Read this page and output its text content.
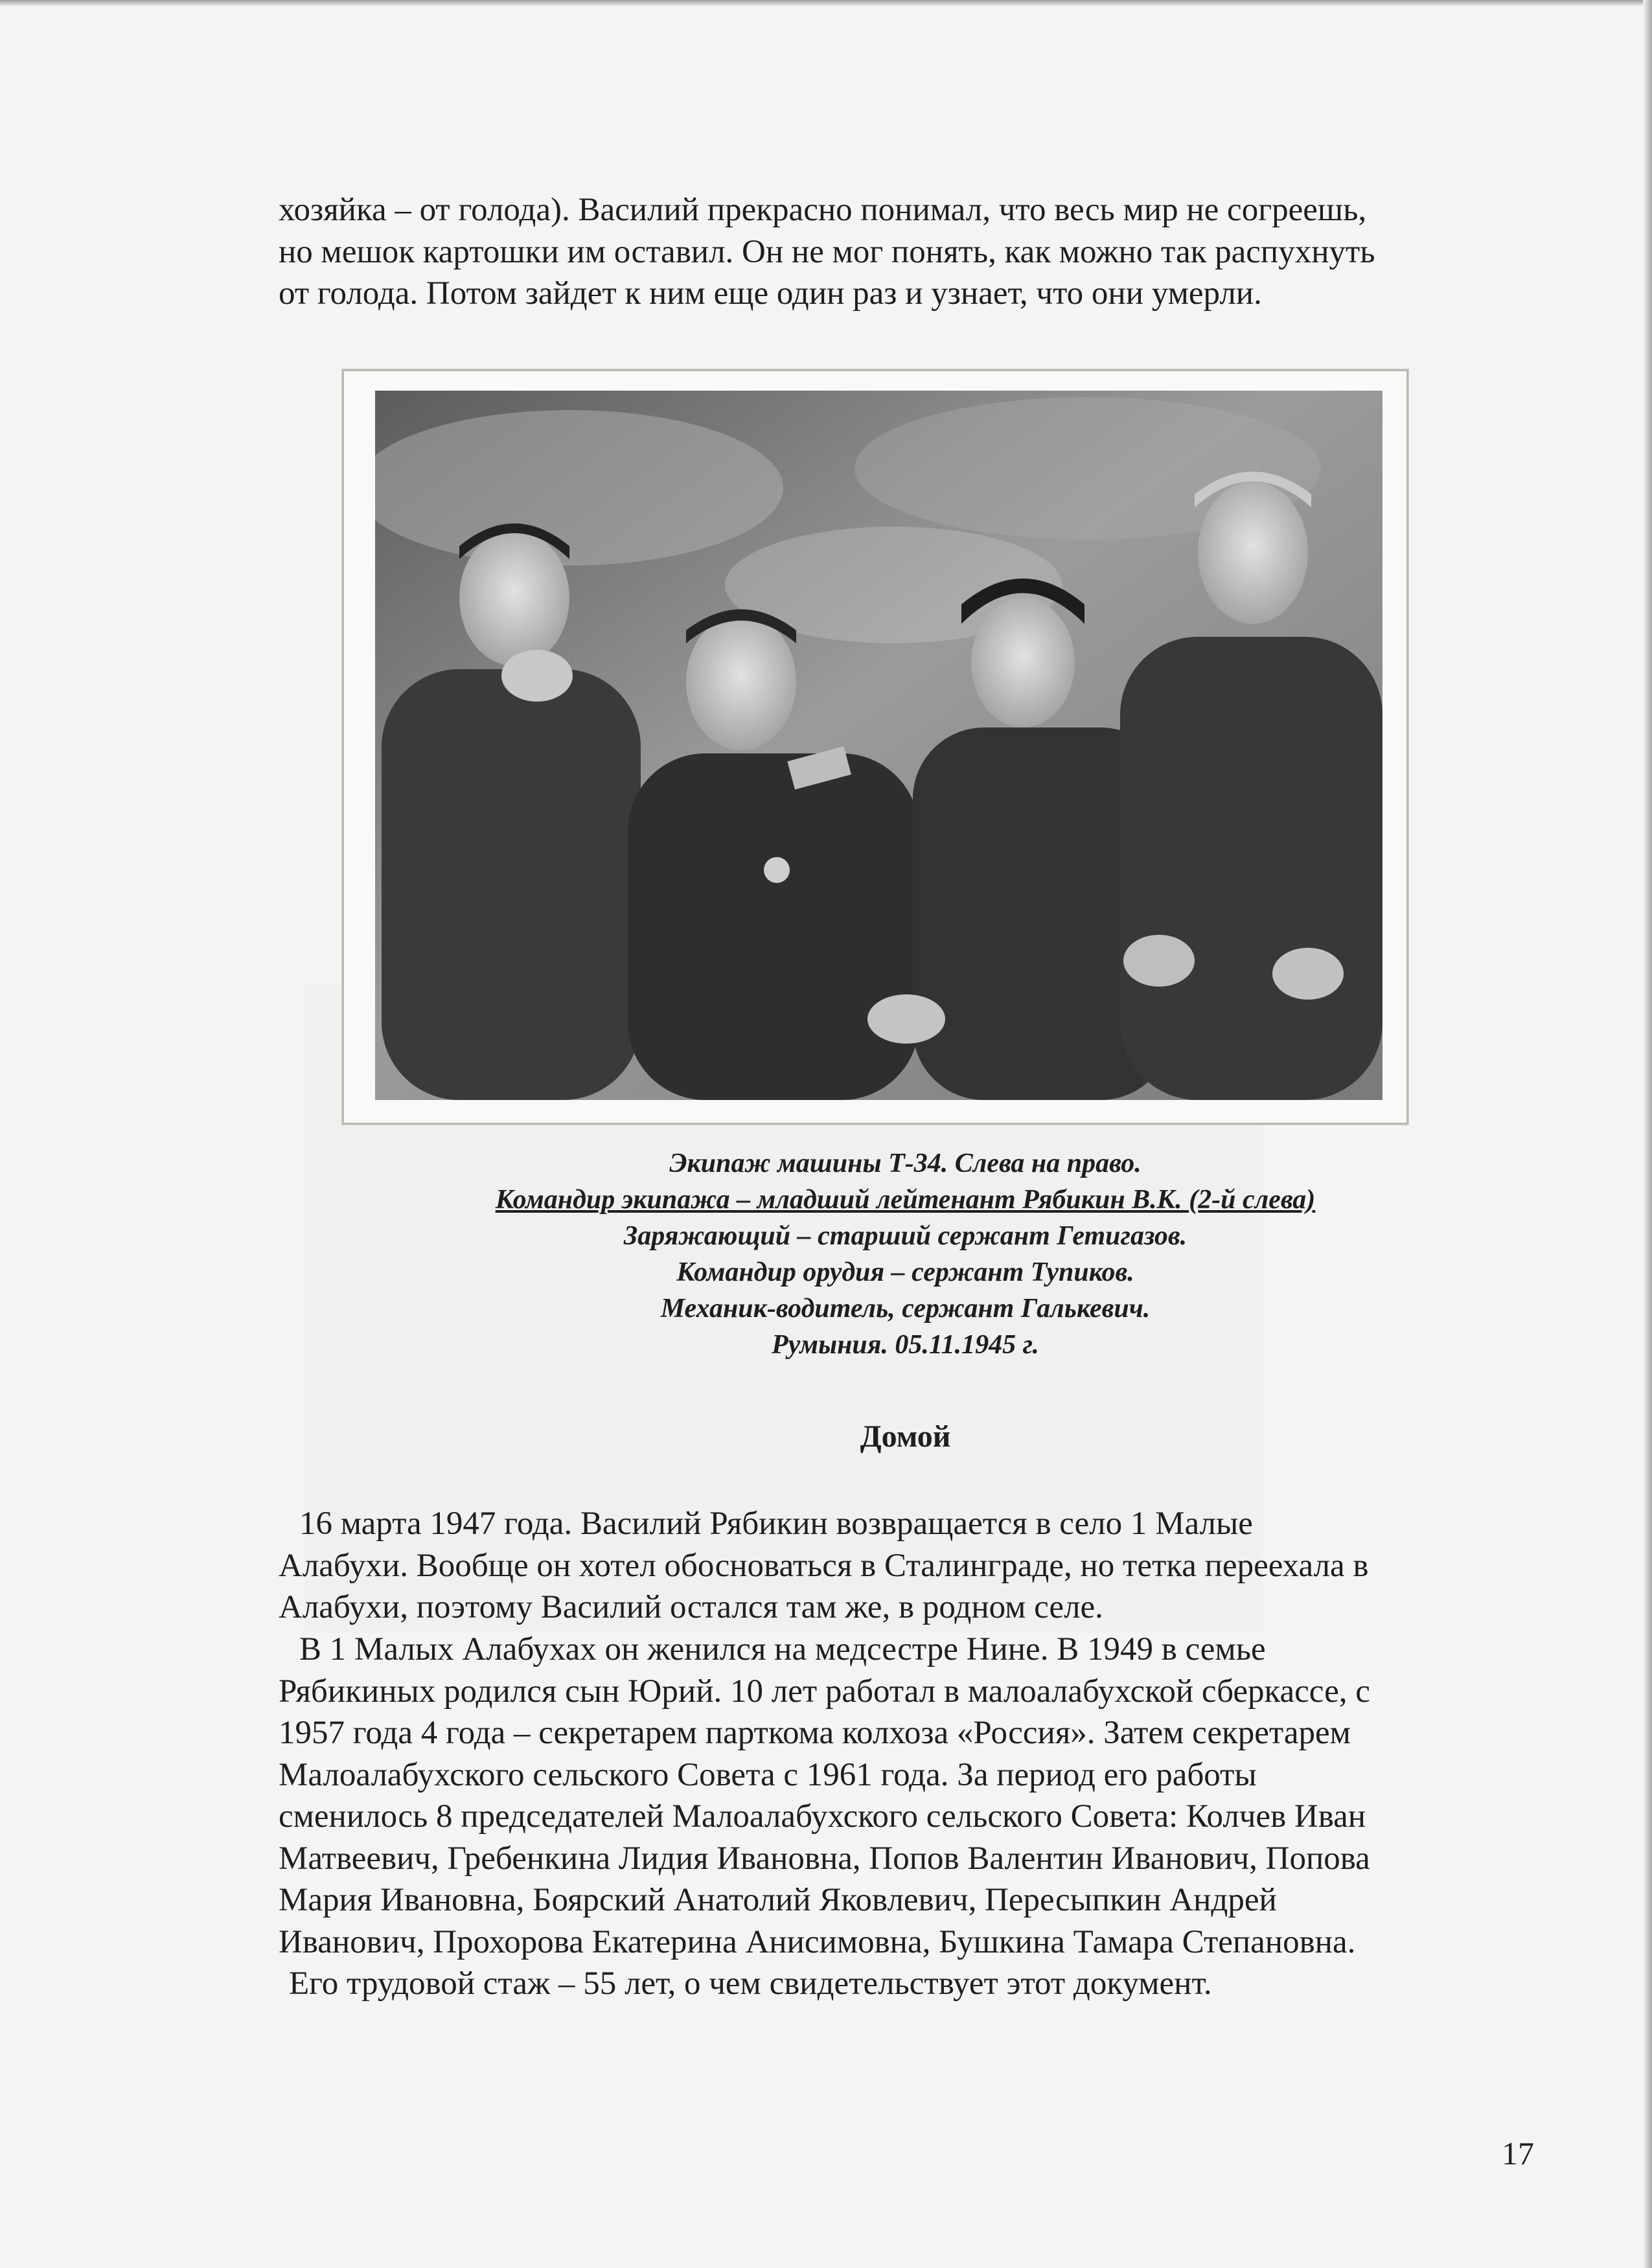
хозяйка – от голода). Василий прекрасно понимал, что весь мир не согреешь,
но мешок картошки им оставил. Он не мог понять, как можно так распухнуть
от голода. Потом зайдет к ним еще один раз и узнает, что они умерли.
Экипаж машины Т-34. Слева на право.
Командир экипажа – младший лейтенант Рябикин В.К. (2-й слева)
Заряжающий – старший сержант Гетигазов.
Командир орудия – сержант Тупиков.
Механик-водитель, сержант Галькевич.
Румыния. 05.11.1945 г.
Домой
16 марта 1947 года. Василий Рябикин возвращается в село 1 Малые
Алабухи. Вообще он хотел обосноваться в Сталинграде, но тетка переехала в
Алабухи, поэтому Василий остался там же, в родном селе.
В 1 Малых Алабухах он женился на медсестре Нине. В 1949 в семье
Рябикиных родился сын Юрий. 10 лет работал в малоалабухской сберкассе, с
1957 года 4 года – секретарем парткома колхоза «Россия». Затем секретарем
Малоалабухского сельского Совета с 1961 года. За период его работы
сменилось 8 председателей Малоалабухского сельского Совета: Колчев Иван
Матвеевич, Гребенкина Лидия Ивановна, Попов Валентин Иванович, Попова
Мария Ивановна, Боярский Анатолий Яковлевич, Пересыпкин Андрей
Иванович, Прохорова Екатерина Анисимовна, Бушкина Тамара Степановна.
Его трудовой стаж – 55 лет, о чем свидетельствует этот документ.
17
